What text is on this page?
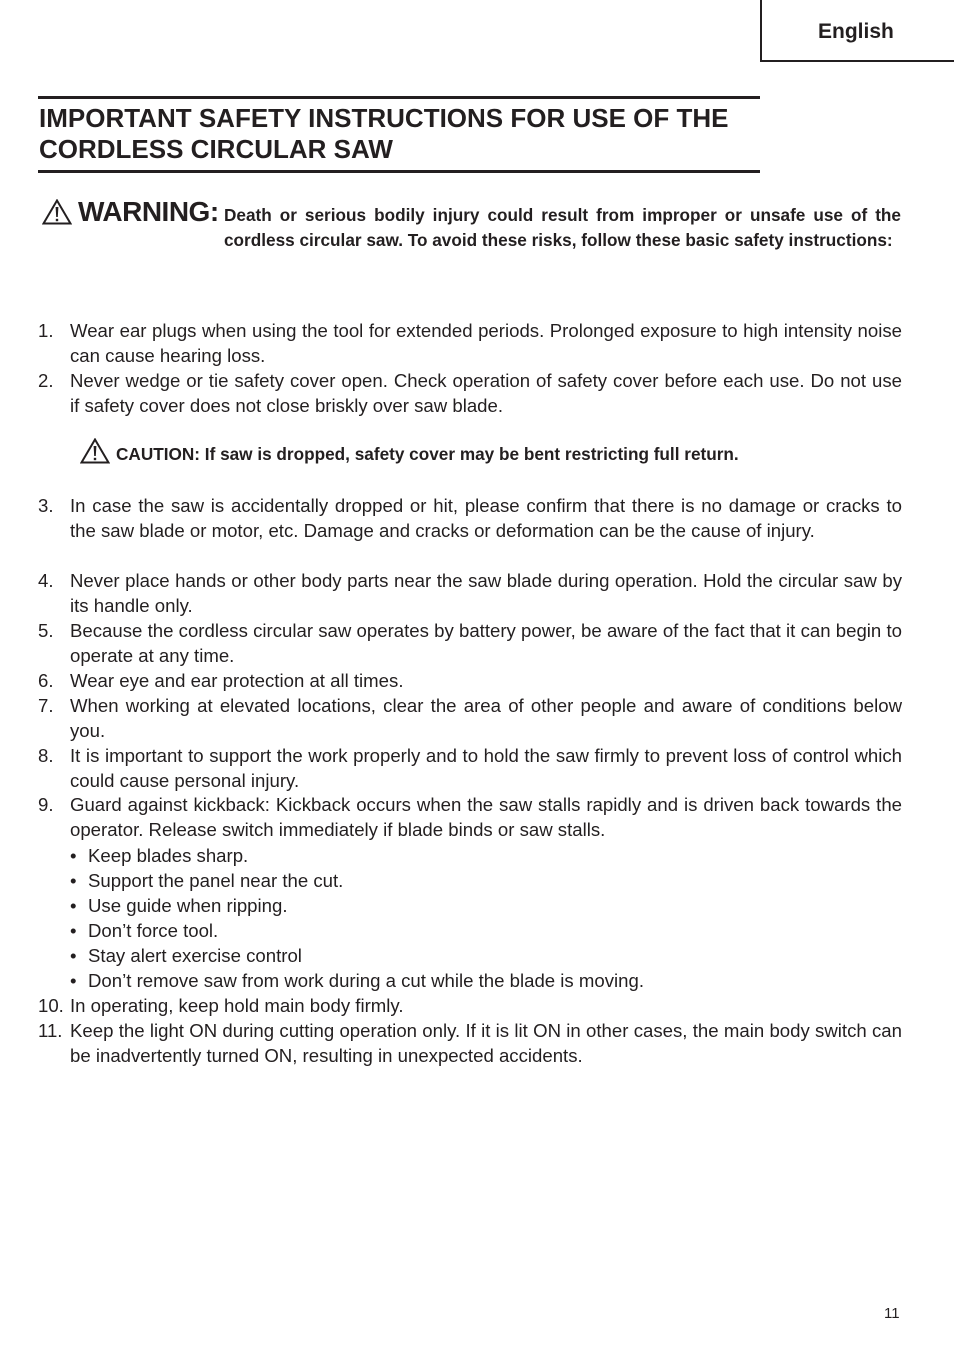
English
IMPORTANT SAFETY INSTRUCTIONS FOR USE OF THE CORDLESS CIRCULAR SAW
WARNING: Death or serious bodily injury could result from improper or unsafe use of the cordless circular saw. To avoid these risks, follow these basic safety instructions:
1. Wear ear plugs when using the tool for extended periods. Prolonged exposure to high intensity noise can cause hearing loss.
2. Never wedge or tie safety cover open. Check operation of safety cover before each use. Do not use if safety cover does not close briskly over saw blade.
CAUTION: If saw is dropped, safety cover may be bent restricting full return.
3. In case the saw is accidentally dropped or hit, please confirm that there is no damage or cracks to the saw blade or motor, etc. Damage and cracks or deformation can be the cause of injury.
4. Never place hands or other body parts near the saw blade during operation. Hold the circular saw by its handle only.
5. Because the cordless circular saw operates by battery power, be aware of the fact that it can begin to operate at any time.
6. Wear eye and ear protection at all times.
7. When working at elevated locations, clear the area of other people and aware of conditions below you.
8. It is important to support the work properly and to hold the saw firmly to prevent loss of control which could cause personal injury.
9. Guard against kickback: Kickback occurs when the saw stalls rapidly and is driven back towards the operator. Release switch immediately if blade binds or saw stalls.
• Keep blades sharp.
• Support the panel near the cut.
• Use guide when ripping.
• Don’t force tool.
• Stay alert exercise control
• Don’t remove saw from work during a cut while the blade is moving.
10. In operating, keep hold main body firmly.
11. Keep the light ON during cutting operation only. If it is lit ON in other cases, the main body switch can be inadvertently turned ON, resulting in unexpected accidents.
11
